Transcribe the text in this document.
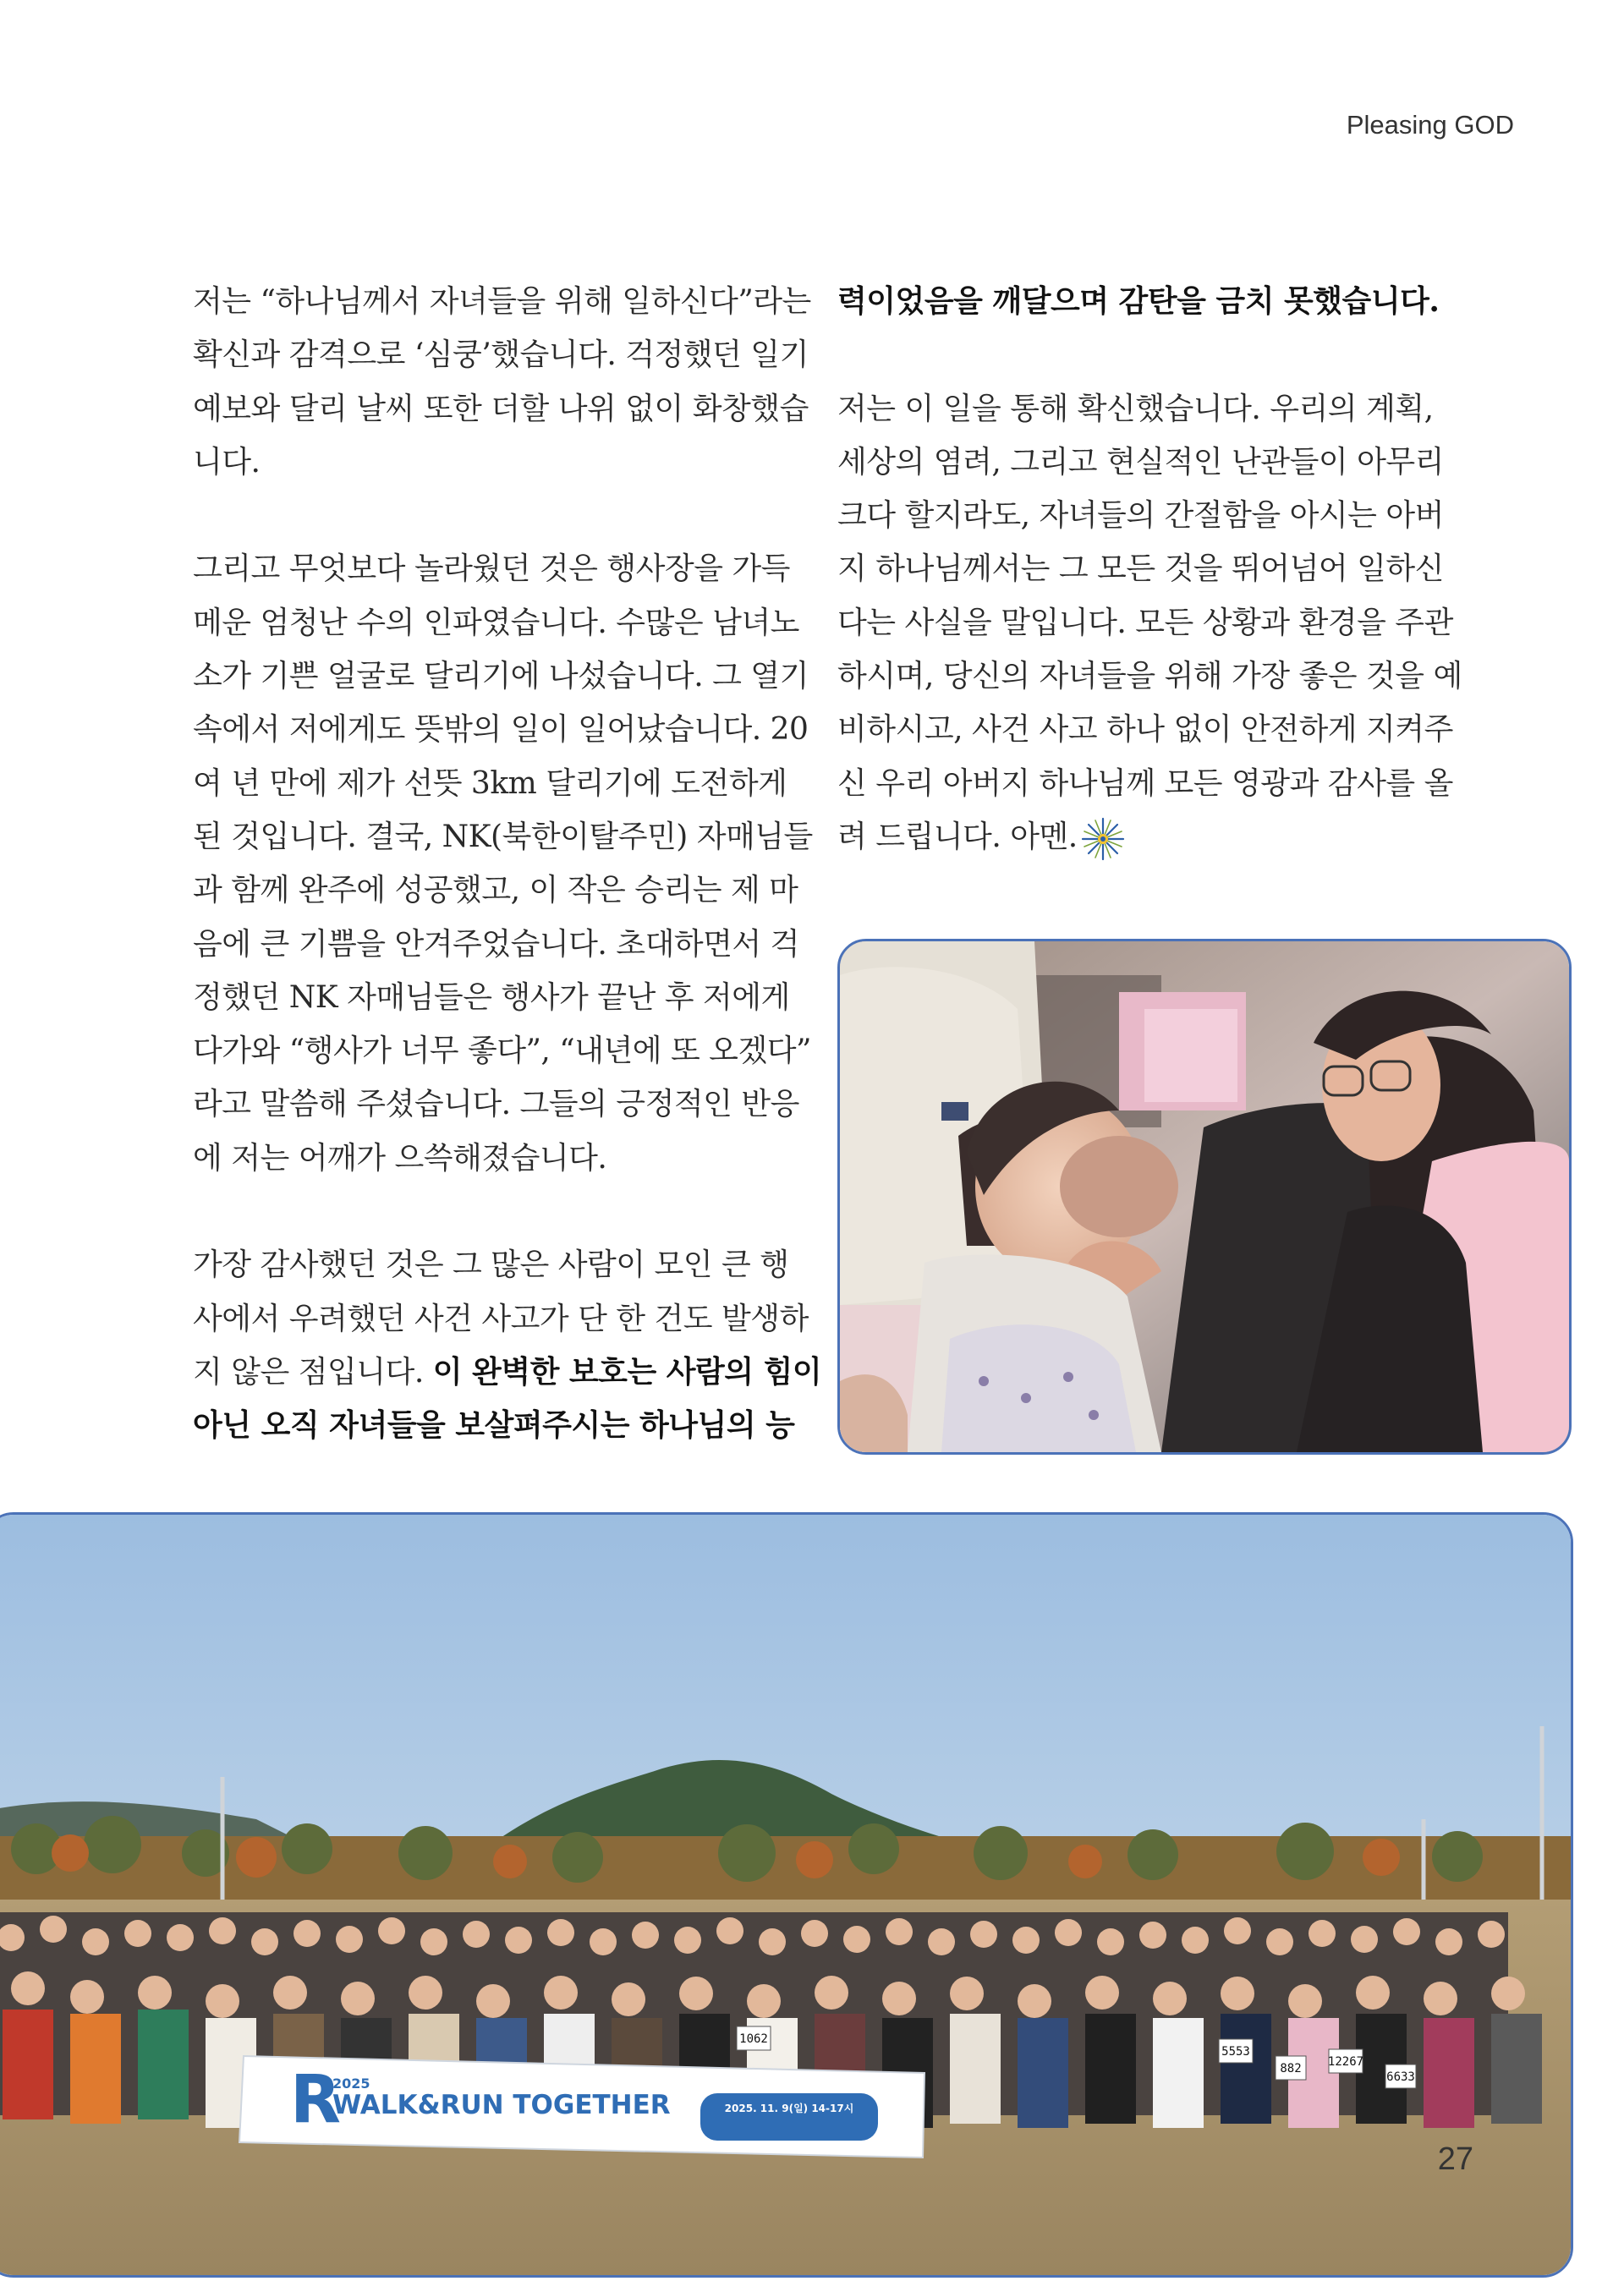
Pleasing GOD
저는 “하나님께서 자녀들을 위해 일하신다”라는
확신과 감격으로 ‘심쿵’했습니다. 걱정했던 일기
예보와 달리 날씨 또한 더할 나위 없이 화창했습
니다.
그리고 무엇보다 놀라웠던 것은 행사장을 가득
메운 엄청난 수의 인파였습니다. 수많은 남녀노
소가 기쁜 얼굴로 달리기에 나섰습니다. 그 열기
속에서 저에게도 뜻밖의 일이 일어났습니다. 20
여 년 만에 제가 선뜻 3km 달리기에 도전하게
된 것입니다. 결국, NK(북한이탈주민) 자매님들
과 함께 완주에 성공했고, 이 작은 승리는 제 마
음에 큰 기쁨을 안겨주었습니다. 초대하면서 걱
정했던 NK 자매님들은 행사가 끝난 후 저에게
다가와 “행사가 너무 좋다”, “내년에 또 오겠다”
라고 말씀해 주셨습니다. 그들의 긍정적인 반응
에 저는 어깨가 으쓱해졌습니다.
가장 감사했던 것은 그 많은 사람이 모인 큰 행
사에서 우려했던 사건 사고가 단 한 건도 발생하
지 않은 점입니다. 이 완벽한 보호는 사람의 힘이
아닌 오직 자녀들을 보살펴주시는 하나님의 능
력이었음을 깨달으며 감탄을 금치 못했습니다.
저는 이 일을 통해 확신했습니다. 우리의 계획,
세상의 염려, 그리고 현실적인 난관들이 아무리
크다 할지라도, 자녀들의 간절함을 아시는 아버
지 하나님께서는 그 모든 것을 뛰어넘어 일하신
다는 사실을 말입니다. 모든 상황과 환경을 주관
하시며, 당신의 자녀들을 위해 가장 좋은 것을 예
비하시고, 사건 사고 하나 없이 안전하게 지켜주
신 우리 아버지 하나님께 모든 영광과 감사를 올
려 드립니다. 아멘.
5553
882 12267
6633
1062
R
2025
WALK&RUN TOGETHER	2025. 11. 9(일) 14-17시
27
